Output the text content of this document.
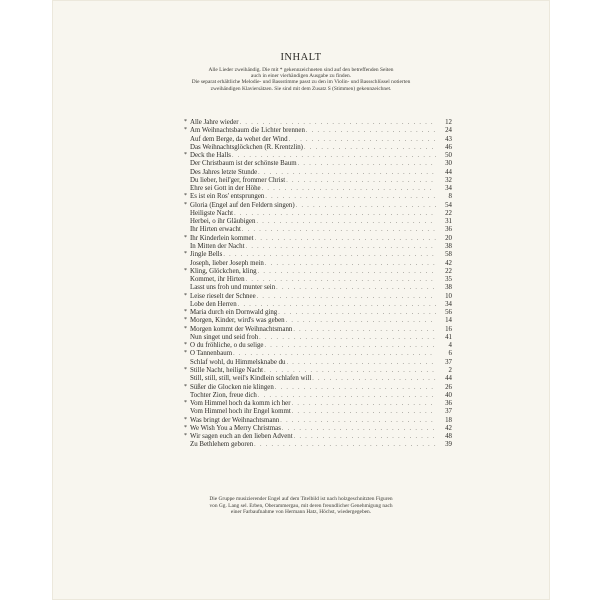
INHALT
Alle Lieder zweihändig. Die mit * gekennzeichneten sind auf den betreffenden Seiten
auch in einer vierhändigen Ausgabe zu finden.
Die separat erhältliche Melodie- und Bassstimme passt zu den im Violin- und Bassschlüssel notierten
zweihändigen Klaviersätzen. Sie sind mit dem Zusatz S (Stimmen) gekennzeichnet.
* Alle Jahre wieder . . .	12
* Am Weihnachtsbaum die Lichter brennen . . .	24
Auf dem Berge, da wehet der Wind . . .	43
Das Weihnachtsglöckchen (R. Krentzlin) . . .	46
* Deck the Halls . . .	50
Der Christbaum ist der schönste Baum . . .	30
Des Jahres letzte Stunde . . .	44
Du lieber, heil'ger, frommer Christ . . .	32
Ehre sei Gott in der Höhe . . .	34
* Es ist ein Ros' entsprungen . . .	8
* Gloria (Engel auf den Feldern singen) . . .	54
Heiligste Nacht . . .	22
Herbei, o ihr Gläubigen . . .	31
Ihr Hirten erwacht . . .	36
* Ihr Kinderlein kommet . . .	20
In Mitten der Nacht . . .	38
* Jingle Bells . . .	58
Joseph, lieber Joseph mein . . .	42
* Kling, Glöckchen, kling . . .	22
Kommet, ihr Hirten . . .	35
Lasst uns froh und munter sein . . .	38
* Leise rieselt der Schnee . . .	10
Lobe den Herren . . .	34
* Maria durch ein Dornwald ging . . .	56
* Morgen, Kinder, wird's was geben . . .	14
* Morgen kommt der Weihnachtsmann . . .	16
Nun singet und seid froh . . .	41
* O du fröhliche, o du selige . . .	4
* O Tannenbaum . . .	6
Schlaf wohl, du Himmelsknabe du . . .	37
* Stille Nacht, heilige Nacht . . .	2
Still, still, still, weil's Kindlein schlafen will . . .	44
* Süßer die Glocken nie klingen . . .	26
Tochter Zion, freue dich . . .	40
* Vom Himmel hoch da komm ich her . . .	36
Vom Himmel hoch ihr Engel kommt . . .	37
* Was bringt der Weihnachtsmann . . .	18
* We Wish You a Merry Christmas . . .	42
* Wir sagen euch an den lieben Advent . . .	48
Zu Bethlehem geboren . . .	39
Die Gruppe musizierender Engel auf dem Titelbild ist nach holzgeschnitzten Figuren
von Gg. Lang sel. Erben, Oberammergau, mit deren freundlicher Genehmigung nach
einer Farbaufnahme von Hermann Hatz, Höchst, wiedergegeben.
